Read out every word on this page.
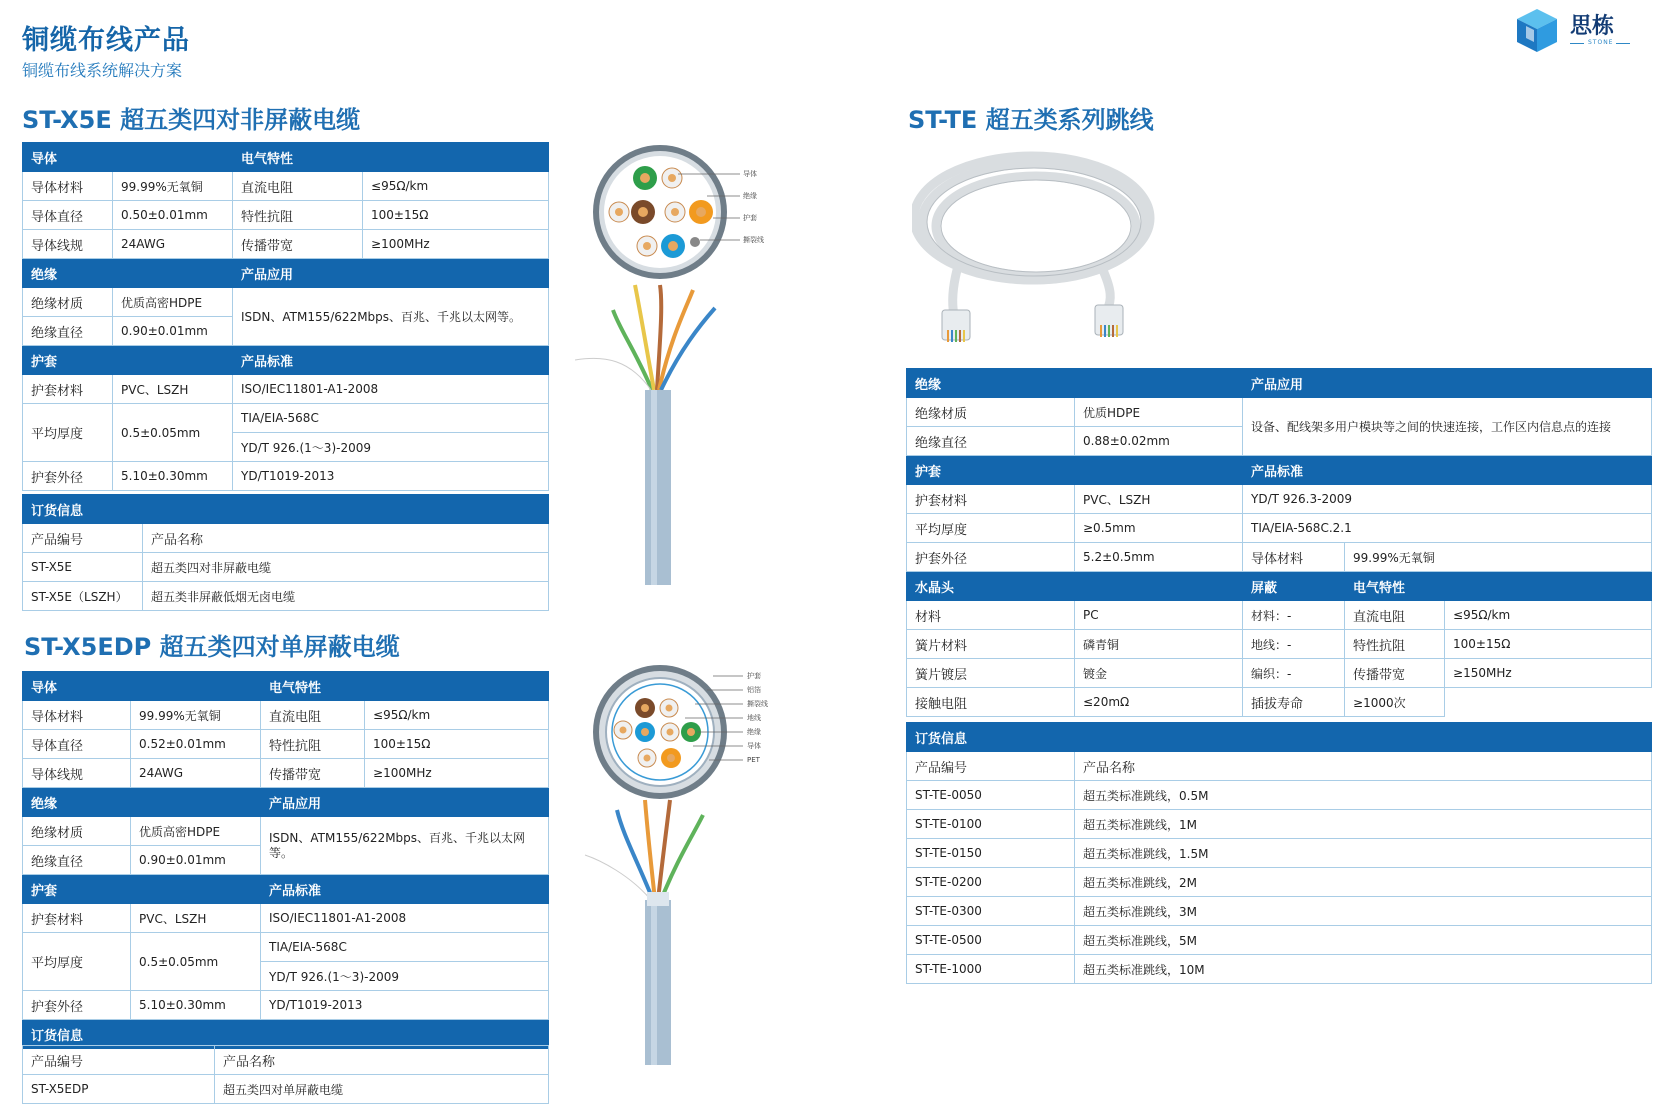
铜缆布线产品
铜缆布线系统解决方案
思栋
STONE
ST-X5E 超五类四对非屏蔽电缆
导体		电气特性	
导体材料	99.99%无氧铜	直流电阻	≤95Ω/km
导体直径	0.50±0.01mm	特性抗阻	100±15Ω
导体线规	24AWG	传播带宽	≥100MHz
绝缘		产品应用	
绝缘材质	优质高密HDPE	ISDN、ATM155/622Mbps、百兆、千兆以太网等。	
绝缘直径	0.90±0.01mm		
护套		产品标准	
护套材料	PVC、LSZH	ISO/IEC11801-A1-2008	
平均厚度	0.5±0.05mm	TIA/EIA-568C	
		YD/T 926.(1～3)-2009	
护套外径	5.10±0.30mm	YD/T1019-2013	
订货信息	
产品编号	产品名称
ST-X5E	超五类四对非屏蔽电缆
ST-X5E（LSZH）	超五类非屏蔽低烟无卤电缆
导体
绝缘
护套
撕裂线
ST-X5EDP 超五类四对单屏蔽电缆
导体		电气特性	
导体材料	99.99%无氧铜	直流电阻	≤95Ω/km
导体直径	0.52±0.01mm	特性抗阻	100±15Ω
导体线规	24AWG	传播带宽	≥100MHz
绝缘		产品应用	
绝缘材质	优质高密HDPE	ISDN、ATM155/622Mbps、百兆、千兆以太网等。	
绝缘直径	0.90±0.01mm		
护套		产品标准	
护套材料	PVC、LSZH	ISO/IEC11801-A1-2008	
平均厚度	0.5±0.05mm	TIA/EIA-568C	
		YD/T 926.(1～3)-2009	
护套外径	5.10±0.30mm	YD/T1019-2013	
订货信息			
产品编号	产品名称
ST-X5EDP	超五类四对单屏蔽电缆
护套
铝箔
撕裂线
地线
绝缘
导体
PET
ST-TE 超五类系列跳线
绝缘		产品应用		
绝缘材质	优质HDPE	设备、配线架多用户模块等之间的快速连接，工作区内信息点的连接		
绝缘直径	0.88±0.02mm			
护套		产品标准		
护套材料	PVC、LSZH	YD/T 926.3-2009		
平均厚度	≥0.5mm	TIA/EIA-568C.2.1		
护套外径	5.2±0.5mm	导体材料	99.99%无氧铜	
水晶头		屏蔽	电气特性	
材料	PC	材料：-	直流电阻	≤95Ω/km
簧片材料	磷青铜	地线：-	特性抗阻	100±15Ω
簧片镀层	镀金	编织：-	传播带宽	≥150MHz
接触电阻	≤20mΩ	插拔寿命	≥1000次	
订货信息	
产品编号	产品名称
ST-TE-0050	超五类标准跳线，0.5M
ST-TE-0100	超五类标准跳线，1M
ST-TE-0150	超五类标准跳线，1.5M
ST-TE-0200	超五类标准跳线，2M
ST-TE-0300	超五类标准跳线，3M
ST-TE-0500	超五类标准跳线，5M
ST-TE-1000	超五类标准跳线，10M
